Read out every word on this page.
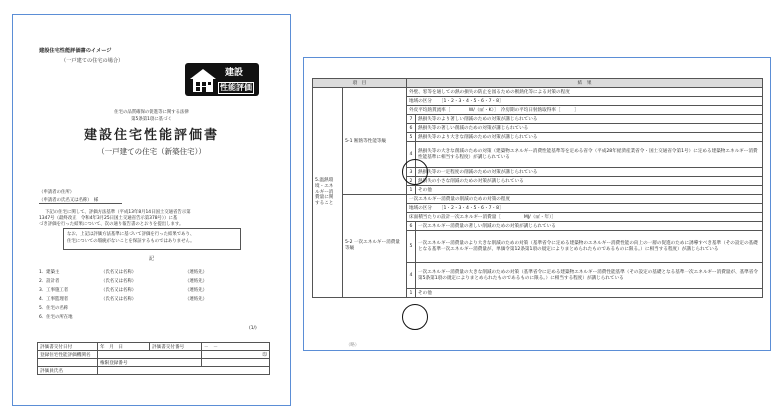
建設住宅性能評価書のイメージ
（一戸建ての住宅の場合）
建設
性能評価
住宅の品質確保の促進等に関する法律
第5条第1項に基づく
建設住宅性能評価書
（一戸建ての住宅（新築住宅））
（申請者の住所）
（申請者の氏名又は名称）　様
下記の住宅に関して、評価方法基準（平成13年8月14日国土交通省告示第
1347号（最終改正　令和4年3月25日国土交通省告示第378号））に基
づき評価を行った結果について、次の通り報告書のとおりを提出します。
なお、上記は評価方法基準に基づいて評価を行った結果であり、
住宅についての瑕疵がないことを保証するものではありません。
記
1．建築主	（氏名又は名称）	（連絡先）
2．設計者	（氏名又は名称）	（連絡先）
3．工事施工者	（氏名又は名称）	（連絡先）
4．工事監理者	（氏名又は名称）	（連絡先）
5．住宅の名称
6．住宅の所在地
(1/)
評価書交付日付	年　月　日	評価書交付番号	－　－
登録住宅性能評価機関名			印
	権限登録番号		
評価員氏名			
項　目		結　果	

5.温熱環
境・エネ
ルギー消
費量に関
すること	5-1 断熱等性能等級	外壁、窓等を通しての熱の損失の防止を図るための断熱化等による対策の程度	
		地域の区分　　［1・2・3・4・5・6・7・8］	
		外皮平均熱貫流率［　　　　W/（㎡・K）］　冷房期の平均日射熱取得率［　　　］	
		7	熱損失等のより著しい削減のための対策が講じられている
		6	熱損失等の著しい削減のための対策が講じられている
		5	熱損失等のより大きな削減のための対策が講じられている
		4	熱損失等の大きな削減のための対策（建築物エネルギー消費性能基準等を定める省令（平成28年経済産業省令・国土交通省令第1号）に定める建築物エネルギー消費性能基準に相当する程度）が講じられている
		3	熱損失等の一定程度の削減のための対策が講じられている
		2	熱損失の小さな削減のための対策が講じられている
		1	その他
	5-2 一次エネルギー消費量等級	一次エネルギー消費量の削減のための対策の程度	
		地域の区分　　［1・2・3・4・5・6・7・8］	
		床面積当たりの設計一次エネルギー消費量［　　　　　MJ/（㎡・年）］	
		6	一次エネルギー消費量の著しい削減のための対策が講じられている
		5	一次エネルギー消費量のより大きな削減のための対策（基準省令に定める建築物のエネルギー消費性能の向上の一層の促進のために誘導すべき基準（その設定の基礎となる基準一次エネルギー消費量が、単価令第12条第1項の規定によりまとめられたものであるものに限る。）に相当する程度）が講じられている
		4	一次エネルギー消費量の大きな削減のための対策（基準省令に定める建築物エネルギー消費性能基準（その設定の基礎となる基準一次エネルギー消費量が、基準省令第5条第1項の規定によりまとめられたものであるものに限る。）に相当する程度）が講じられている
		1	その他
（略）
